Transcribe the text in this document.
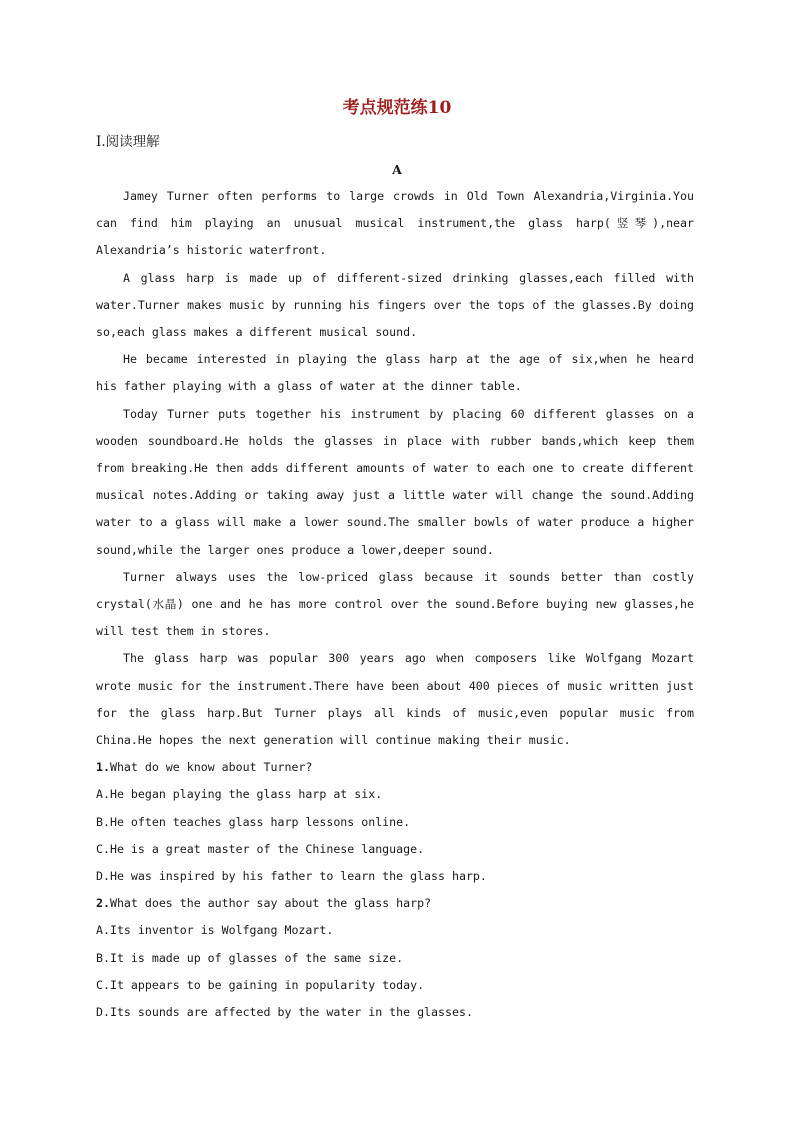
考点规范练10
Ⅰ.阅读理解
A

Jamey Turner often performs to large crowds in Old Town Alexandria,Virginia.You can find him playing an unusual musical instrument,the glass harp(竖琴),near Alexandria’s historic waterfront.

A glass harp is made up of different-sized drinking glasses,each filled with water.Turner makes music by running his fingers over the tops of the glasses.By doing so,each glass makes a different musical sound.

He became interested in playing the glass harp at the age of six,when he heard his father playing with a glass of water at the dinner table.

Today Turner puts together his instrument by placing 60 different glasses on a wooden soundboard.He holds the glasses in place with rubber bands,which keep them from breaking.He then adds different amounts of water to each one to create different musical notes.Adding or taking away just a little water will change the sound.Adding water to a glass will make a lower sound.The smaller bowls of water produce a higher sound,while the larger ones produce a lower,deeper sound.

Turner always uses the low-priced glass because it sounds better than costly crystal(水晶) one and he has more control over the sound.Before buying new glasses,he will test them in stores.

The glass harp was popular 300 years ago when composers like Wolfgang Mozart wrote music for the instrument.There have been about 400 pieces of music written just for the glass harp.But Turner plays all kinds of music,even popular music from China.He hopes the next generation will continue making their music.

1.What do we know about Turner?

A.He began playing the glass harp at six.

B.He often teaches glass harp lessons online.

C.He is a great master of the Chinese language.

D.He was inspired by his father to learn the glass harp.

2.What does the author say about the glass harp?

A.Its inventor is Wolfgang Mozart.

B.It is made up of glasses of the same size.

C.It appears to be gaining in popularity today.

D.Its sounds are affected by the water in the glasses.
